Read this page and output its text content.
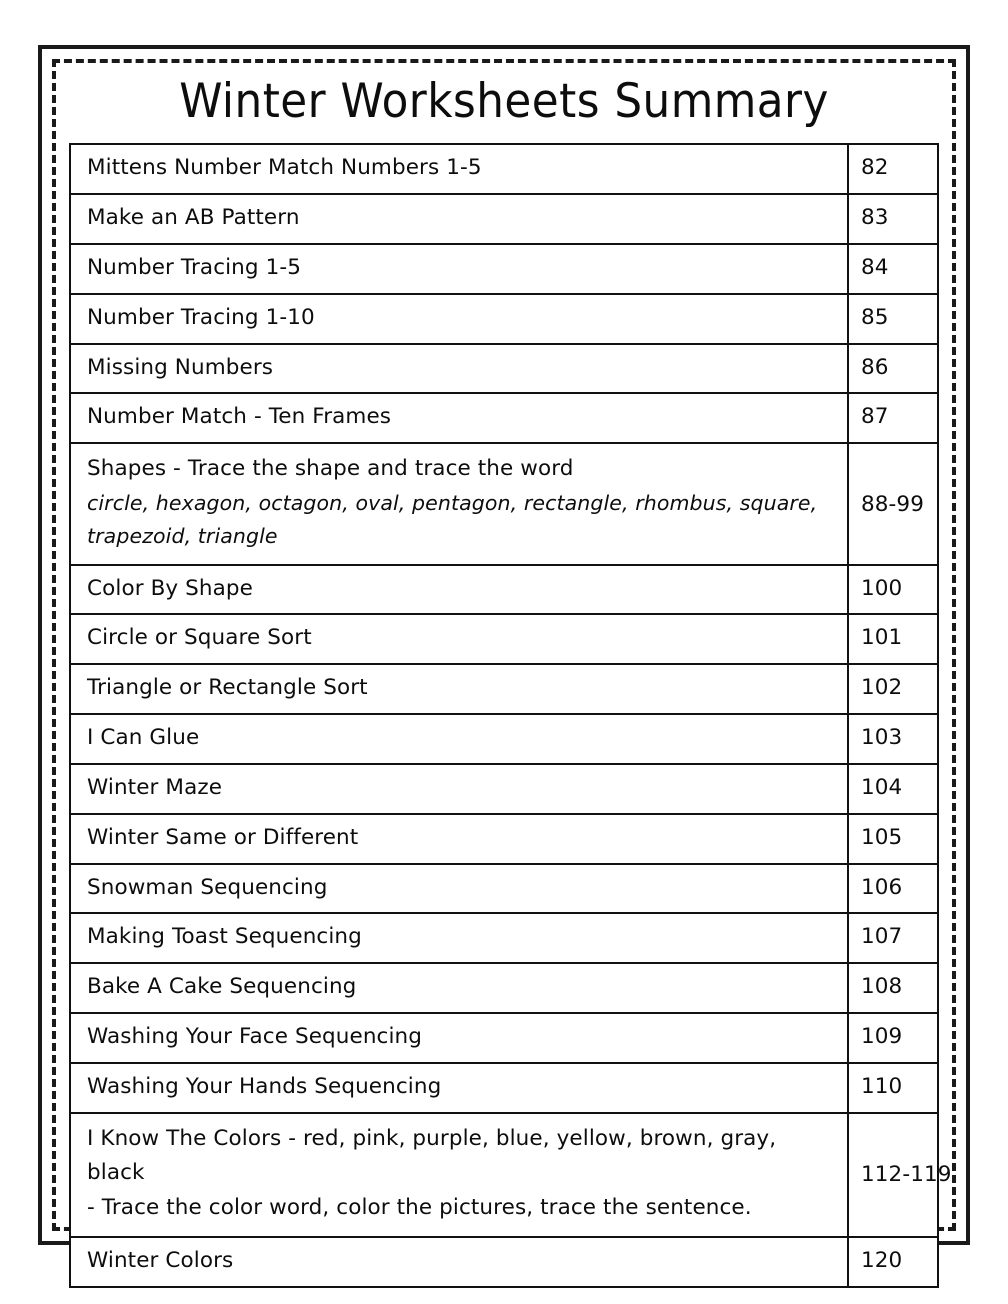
Winter Worksheets Summary
Mittens Number Match Numbers 1-5	82

Make an AB Pattern	83

Number Tracing 1-5	84

Number Tracing 1-10	85

Missing Numbers	86

Number Match - Ten Frames	87

Shapes - Trace the shape and trace the word
circle, hexagon, octagon, oval, pentagon, rectangle, rhombus, square, trapezoid, triangle	88-99

Color By Shape	100

Circle or Square Sort	101

Triangle or Rectangle Sort	102

I Can Glue	103

Winter Maze	104

Winter Same or Different	105

Snowman Sequencing	106

Making Toast Sequencing	107

Bake A Cake Sequencing	108

Washing Your Face Sequencing	109

Washing Your Hands Sequencing	110

I Know The Colors - red, pink, purple, blue, yellow, brown, gray, black
- Trace the color word, color the pictures, trace the sentence.	112-119

Winter Colors	120
